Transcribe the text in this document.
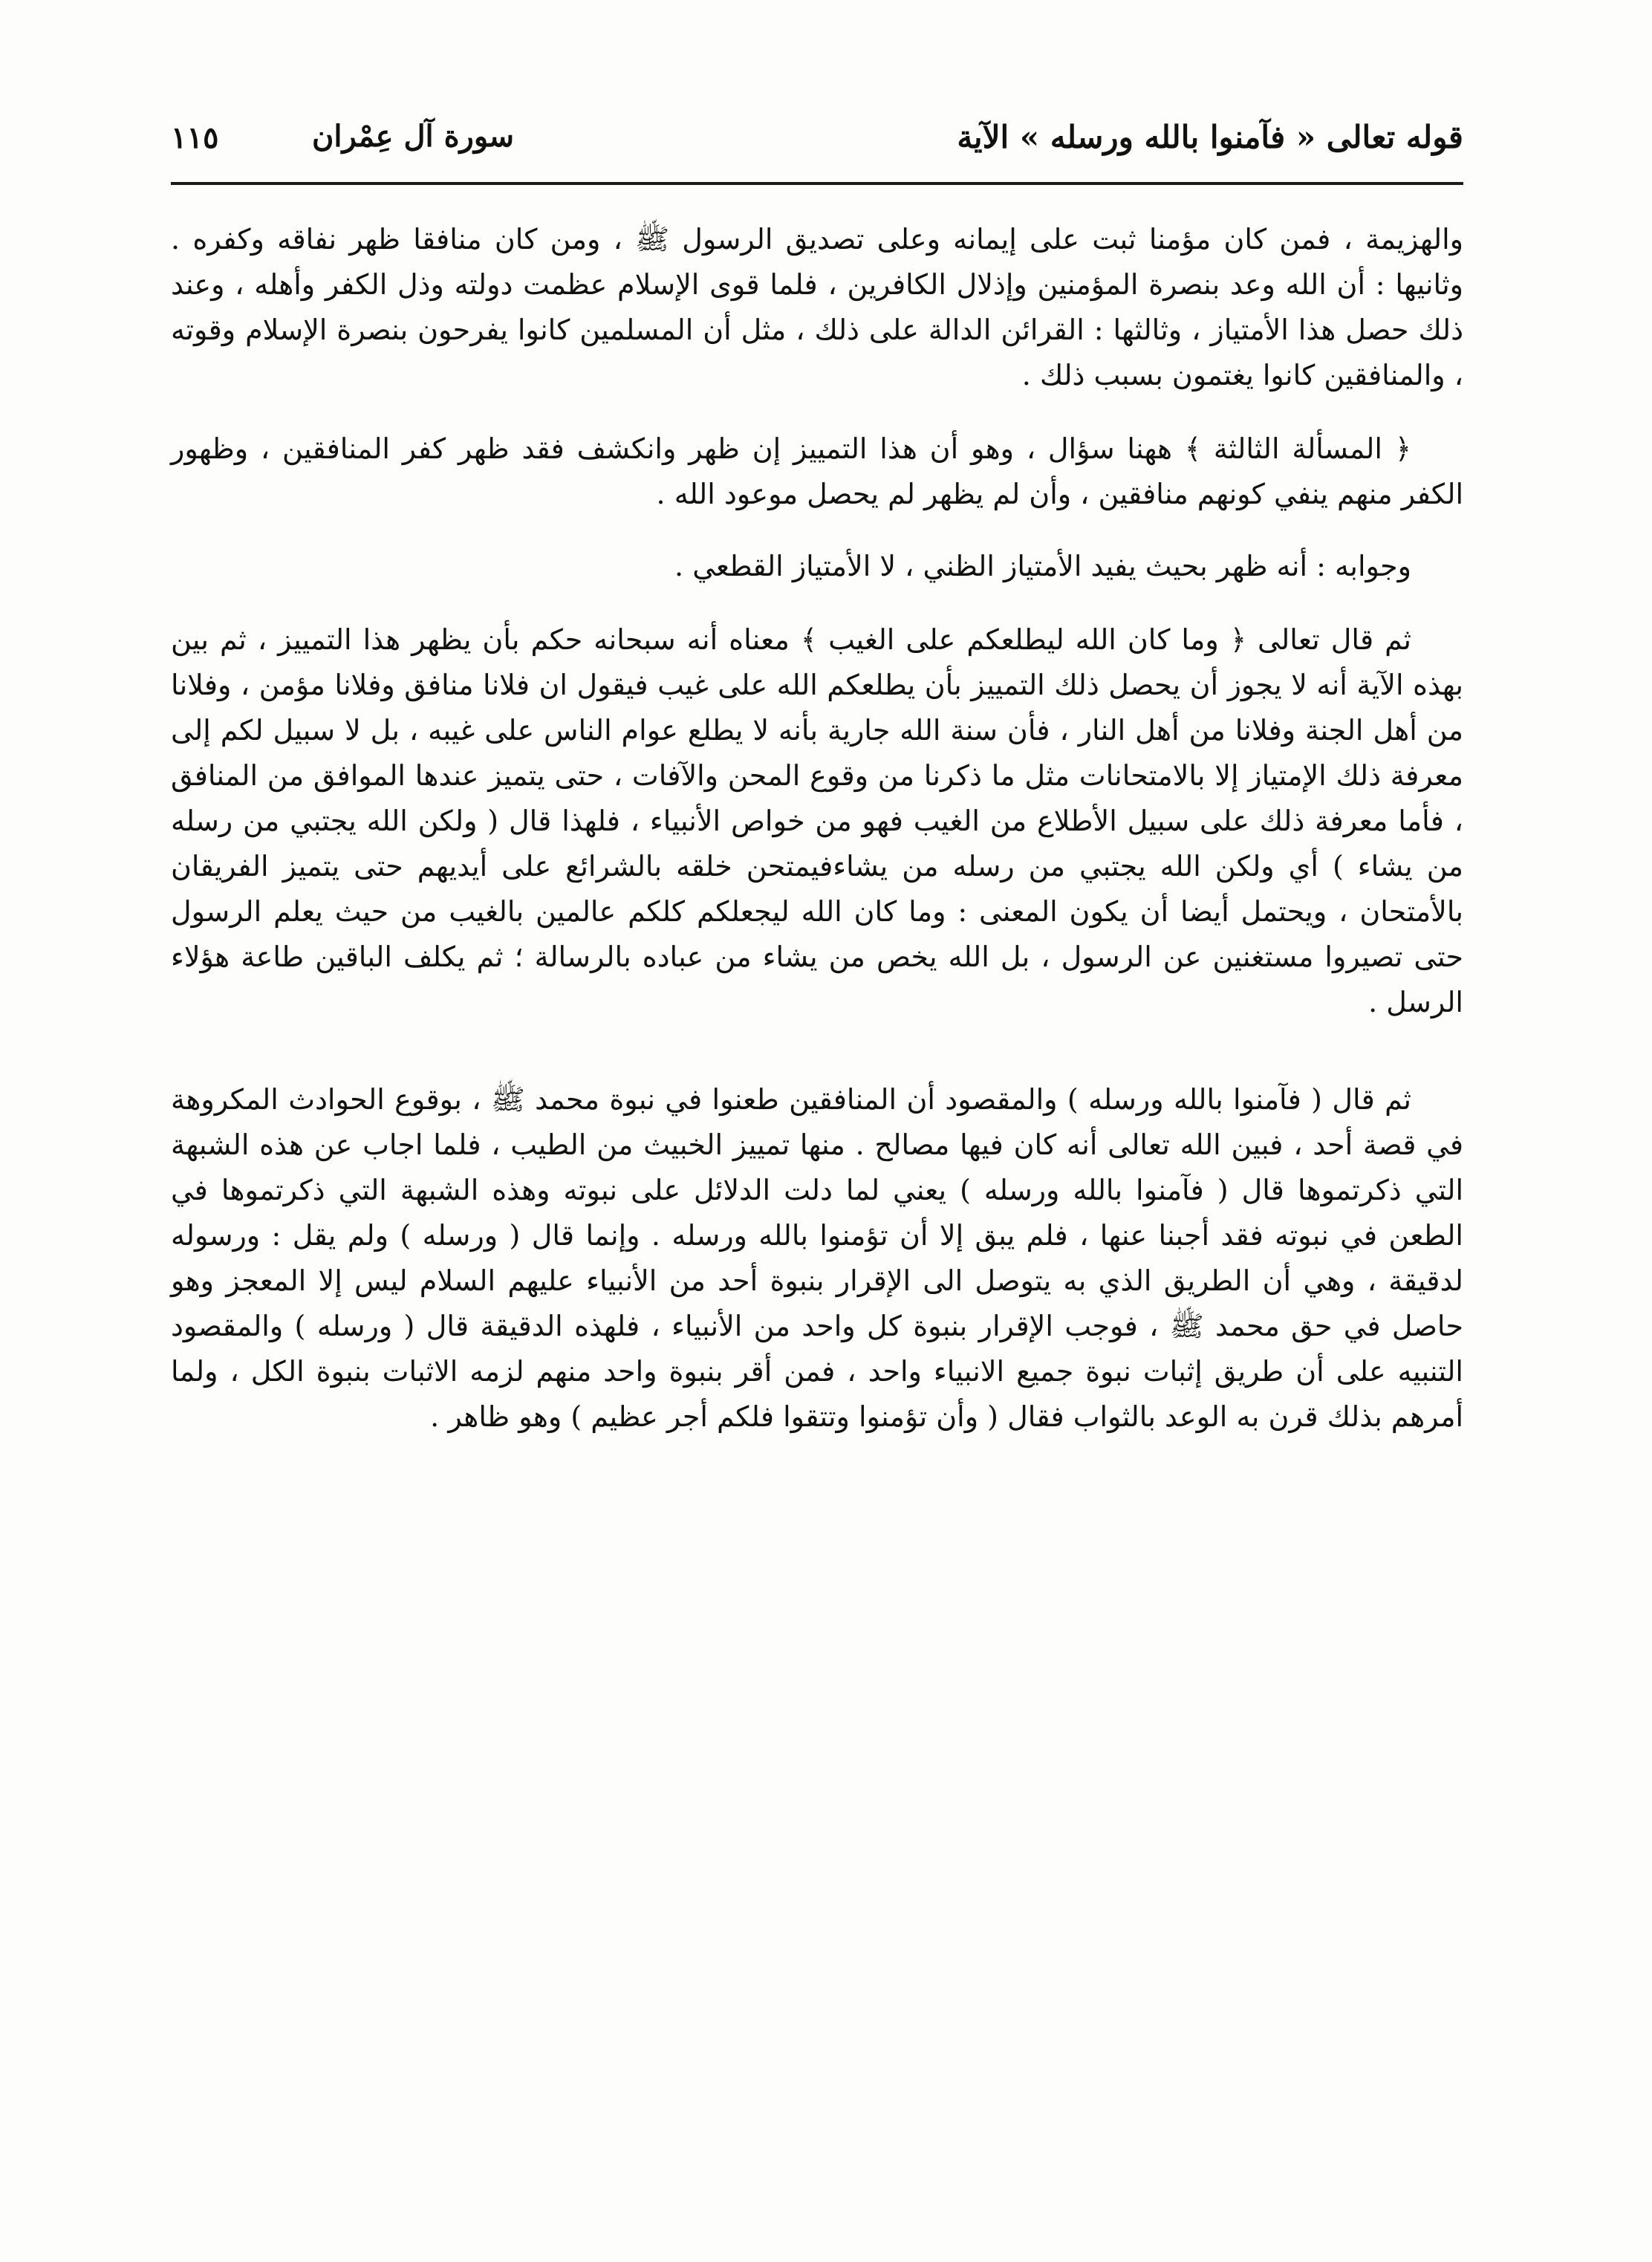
قوله تعالى « فآمنوا بالله ورسله » الآية
سورة آل عِمْران
١١٥

والهزيمة ، فمن كان مؤمنا ثبت على إيمانه وعلى تصديق الرسول ﷺ ، ومن كان منافقا ظهر نفاقه وكفره . وثانيها : أن الله وعد بنصرة المؤمنين وإذلال الكافرين ، فلما قوى الإسلام عظمت دولته وذل الكفر وأهله ، وعند ذلك حصل هذا الأمتياز ، وثالثها : القرائن الدالة على ذلك ، مثل أن المسلمين كانوا يفرحون بنصرة الإسلام وقوته ، والمنافقين كانوا يغتمون بسبب ذلك .

﴿ المسألة الثالثة ﴾ ههنا سؤال ، وهو أن هذا التمييز إن ظهر وانكشف فقد ظهر كفر المنافقين ، وظهور الكفر منهم ينفي كونهم منافقين ، وأن لم يظهر لم يحصل موعود الله .

وجوابه : أنه ظهر بحيث يفيد الأمتياز الظني ، لا الأمتياز القطعي .

ثم قال تعالى ﴿ وما كان الله ليطلعكم على الغيب ﴾ معناه أنه سبحانه حكم بأن يظهر هذا التمييز ، ثم بين بهذه الآية أنه لا يجوز أن يحصل ذلك التمييز بأن يطلعكم الله على غيب فيقول ان فلانا منافق وفلانا مؤمن ، وفلانا من أهل الجنة وفلانا من أهل النار ، فأن سنة الله جارية بأنه لا يطلع عوام الناس على غيبه ، بل لا سبيل لكم إلى معرفة ذلك الإمتياز إلا بالامتحانات مثل ما ذكرنا من وقوع المحن والآفات ، حتى يتميز عندها الموافق من المنافق ، فأما معرفة ذلك على سبيل الأطلاع من الغيب فهو من خواص الأنبياء ، فلهذا قال ( ولكن الله يجتبي من رسله من يشاء ) أي ولكن الله يجتبي من رسله من يشاءفيمتحن خلقه بالشرائع على أيديهم حتى يتميز الفريقان بالأمتحان ، ويحتمل أيضا أن يكون المعنى : وما كان الله ليجعلكم كلكم عالمين بالغيب من حيث يعلم الرسول حتى تصيروا مستغنين عن الرسول ، بل الله يخص من يشاء من عباده بالرسالة ؛ ثم يكلف الباقين طاعة هؤلاء الرسل .

ثم قال ( فآمنوا بالله ورسله ) والمقصود أن المنافقين طعنوا في نبوة محمد ﷺ ، بوقوع الحوادث المكروهة في قصة أحد ، فبين الله تعالى أنه كان فيها مصالح . منها تمييز الخبيث من الطيب ، فلما اجاب عن هذه الشبهة التي ذكرتموها قال ( فآمنوا بالله ورسله ) يعني لما دلت الدلائل على نبوته وهذه الشبهة التي ذكرتموها في الطعن في نبوته فقد أجبنا عنها ، فلم يبق إلا أن تؤمنوا بالله ورسله . وإنما قال ( ورسله ) ولم يقل : ورسوله لدقيقة ، وهي أن الطريق الذي به يتوصل الى الإقرار بنبوة أحد من الأنبياء عليهم السلام ليس إلا المعجز وهو حاصل في حق محمد ﷺ ، فوجب الإقرار بنبوة كل واحد من الأنبياء ، فلهذه الدقيقة قال ( ورسله ) والمقصود التنبيه على أن طريق إثبات نبوة جميع الانبياء واحد ، فمن أقر بنبوة واحد منهم لزمه الاثبات بنبوة الكل ، ولما أمرهم بذلك قرن به الوعد بالثواب فقال ( وأن تؤمنوا وتتقوا فلكم أجر عظيم ) وهو ظاهر .
